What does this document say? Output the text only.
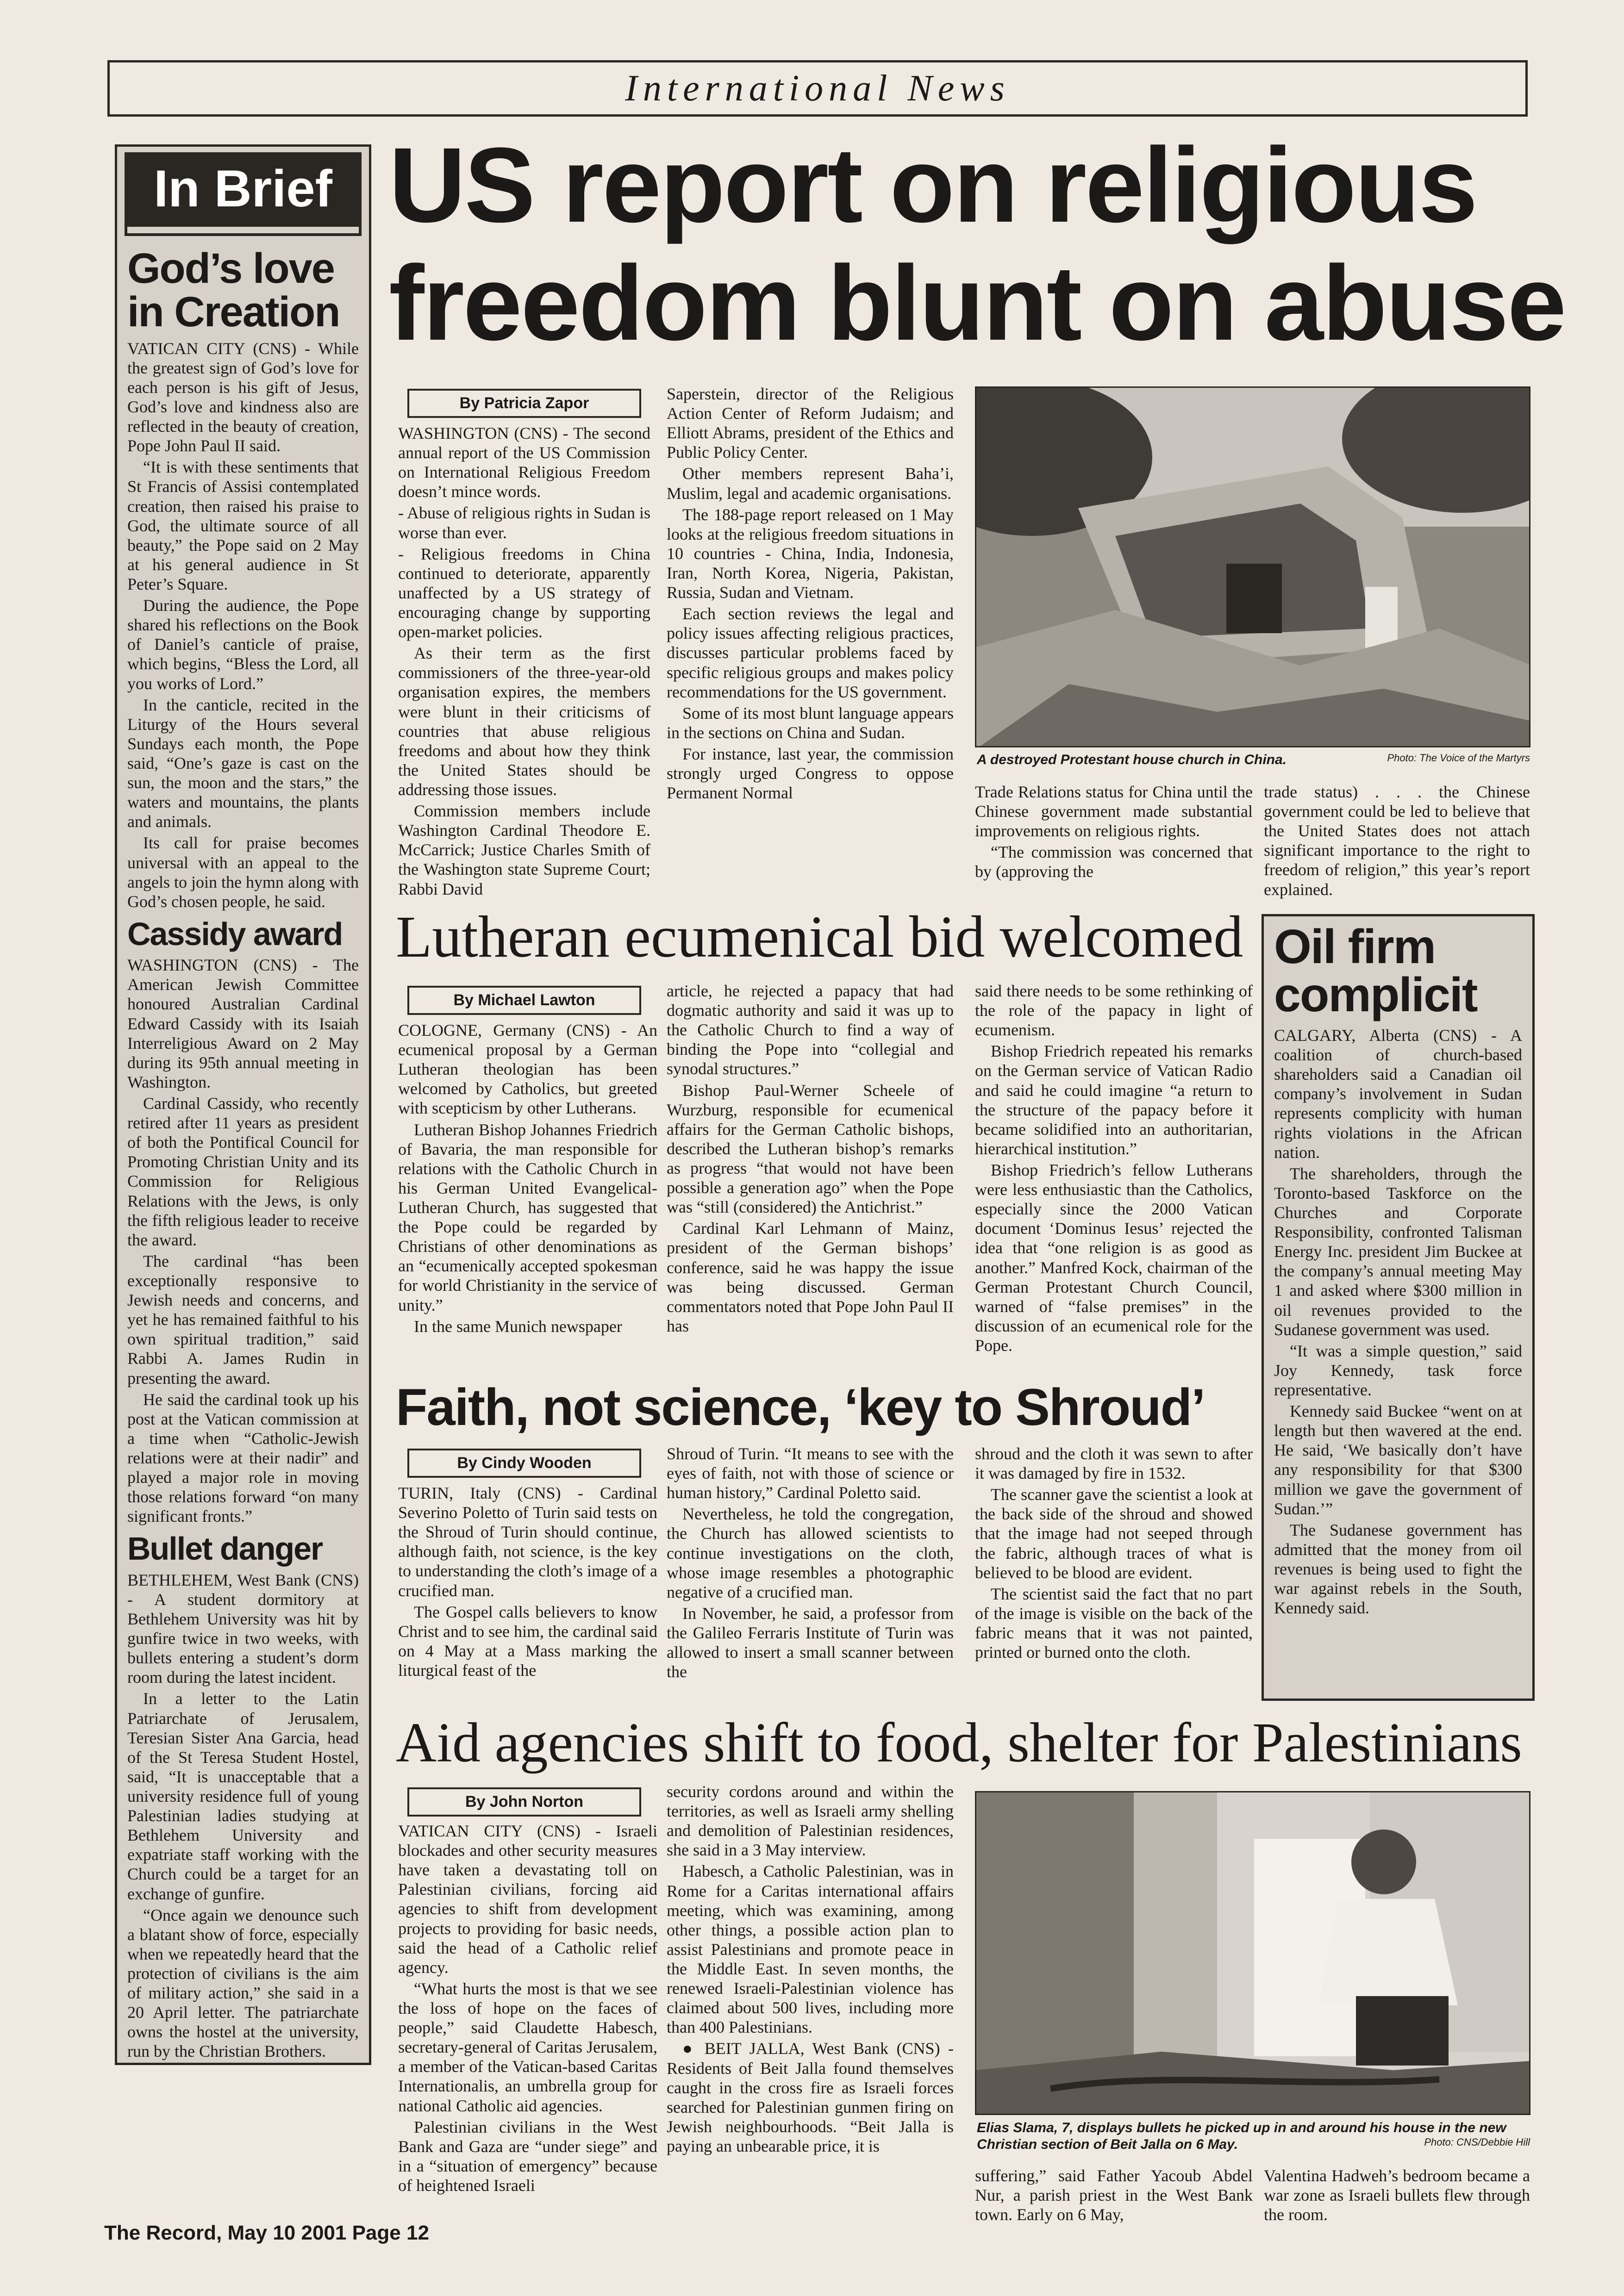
International News
In Brief
God’s love in Creation

VATICAN CITY (CNS) - While the greatest sign of God’s love for each person is his gift of Jesus, God’s love and kindness also are reflected in the beauty of creation, Pope John Paul II said.

“It is with these sentiments that St Francis of Assisi contemplated creation, then raised his praise to God, the ultimate source of all beauty,” the Pope said on 2 May at his general audience in St Peter’s Square.

During the audience, the Pope shared his reflections on the Book of Daniel’s canticle of praise, which begins, “Bless the Lord, all you works of Lord.”

In the canticle, recited in the Liturgy of the Hours several Sundays each month, the Pope said, “One’s gaze is cast on the sun, the moon and the stars,” the waters and mountains, the plants and animals.

Its call for praise becomes universal with an appeal to the angels to join the hymn along with God’s chosen people, he said.

Cassidy award

WASHINGTON (CNS) - The American Jewish Committee honoured Australian Cardinal Edward Cassidy with its Isaiah Interreligious Award on 2 May during its 95th annual meeting in Washington.

Cardinal Cassidy, who recently retired after 11 years as president of both the Pontifical Council for Promoting Christian Unity and its Commission for Religious Relations with the Jews, is only the fifth religious leader to receive the award.

The cardinal “has been exceptionally responsive to Jewish needs and concerns, and yet he has remained faithful to his own spiritual tradition,” said Rabbi A. James Rudin in presenting the award.

He said the cardinal took up his post at the Vatican commission at a time when “Catholic-Jewish relations were at their nadir” and played a major role in moving those relations forward “on many significant fronts.”

Bullet danger

BETHLEHEM, West Bank (CNS) - A student dormitory at Bethlehem University was hit by gunfire twice in two weeks, with bullets entering a student’s dorm room during the latest incident.

In a letter to the Latin Patriarchate of Jerusalem, Teresian Sister Ana Garcia, head of the St Teresa Student Hostel, said, “It is unacceptable that a university residence full of young Palestinian ladies studying at Bethlehem University and expatriate staff working with the Church could be a target for an exchange of gunfire.

“Once again we denounce such a blatant show of force, especially when we repeatedly heard that the protection of civilians is the aim of military action,” she said in a 20 April letter. The patriarchate owns the hostel at the university, run by the Christian Brothers.

US report on religious
freedom blunt on abuse
By Patricia Zapor

WASHINGTON (CNS) - The second annual report of the US Commission on International Religious Freedom doesn’t mince words.

- Abuse of religious rights in Sudan is worse than ever.

- Religious freedoms in China continued to deteriorate, apparently unaffected by a US strategy of encouraging change by supporting open-market policies.

As their term as the first commissioners of the three-year-old organisation expires, the members were blunt in their criticisms of countries that abuse religious freedoms and about how they think the United States should be addressing those issues.

Commission members include Washington Cardinal Theodore E. McCarrick; Justice Charles Smith of the Washington state Supreme Court; Rabbi David

Saperstein, director of the Religious Action Center of Reform Judaism; and Elliott Abrams, president of the Ethics and Public Policy Center.

Other members represent Baha’i, Muslim, legal and academic organisations.

The 188-page report released on 1 May looks at the religious freedom situations in 10 countries - China, India, Indonesia, Iran, North Korea, Nigeria, Pakistan, Russia, Sudan and Vietnam.

Each section reviews the legal and policy issues affecting religious practices, discusses particular problems faced by specific religious groups and makes policy recommendations for the US government.

Some of its most blunt language appears in the sections on China and Sudan.

For instance, last year, the commission strongly urged Congress to oppose Permanent Normal

A destroyed Protestant house church in China.	Photo: The Voice of the Martyrs

Trade Relations status for China until the Chinese government made substantial improvements on religious rights.

“The commission was concerned that by (approving the

trade status) . . . the Chinese government could be led to believe that the United States does not attach significant importance to the right to freedom of religion,” this year’s report explained.

Lutheran ecumenical bid welcomed
By Michael Lawton

COLOGNE, Germany (CNS) - An ecumenical proposal by a German Lutheran theologian has been welcomed by Catholics, but greeted with scepticism by other Lutherans.

Lutheran Bishop Johannes Friedrich of Bavaria, the man responsible for relations with the Catholic Church in his German United Evangelical-Lutheran Church, has suggested that the Pope could be regarded by Christians of other denominations as an “ecumenically accepted spokesman for world Christianity in the service of unity.”

In the same Munich newspaper

article, he rejected a papacy that had dogmatic authority and said it was up to the Catholic Church to find a way of binding the Pope into “collegial and synodal structures.”

Bishop Paul-Werner Scheele of Wurzburg, responsible for ecumenical affairs for the German Catholic bishops, described the Lutheran bishop’s remarks as progress “that would not have been possible a generation ago” when the Pope was “still (considered) the Antichrist.”

Cardinal Karl Lehmann of Mainz, president of the German bishops’ conference, said he was happy the issue was being discussed. German commentators noted that Pope John Paul II has

said there needs to be some rethinking of the role of the papacy in light of ecumenism.

Bishop Friedrich repeated his remarks on the German service of Vatican Radio and said he could imagine “a return to the structure of the papacy before it became solidified into an authoritarian, hierarchical institution.”

Bishop Friedrich’s fellow Lutherans were less enthusiastic than the Catholics, especially since the 2000 Vatican document ‘Dominus Iesus’ rejected the idea that “one religion is as good as another.” Manfred Kock, chairman of the German Protestant Church Council, warned of “false premises” in the discussion of an ecumenical role for the Pope.

Faith, not science, ‘key to Shroud’
By Cindy Wooden

TURIN, Italy (CNS) - Cardinal Severino Poletto of Turin said tests on the Shroud of Turin should continue, although faith, not science, is the key to understanding the cloth’s image of a crucified man.

The Gospel calls believers to know Christ and to see him, the cardinal said on 4 May at a Mass marking the liturgical feast of the

Shroud of Turin. “It means to see with the eyes of faith, not with those of science or human history,” Cardinal Poletto said.

Nevertheless, he told the congregation, the Church has allowed scientists to continue investigations on the cloth, whose image resembles a photographic negative of a crucified man.

In November, he said, a professor from the Galileo Ferraris Institute of Turin was allowed to insert a small scanner between the

shroud and the cloth it was sewn to after it was damaged by fire in 1532.

The scanner gave the scientist a look at the back side of the shroud and showed that the image had not seeped through the fabric, although traces of what is believed to be blood are evident.

The scientist said the fact that no part of the image is visible on the back of the fabric means that it was not painted, printed or burned onto the cloth.

Oil firm
complicit

CALGARY, Alberta (CNS) - A coalition of church-based shareholders said a Canadian oil company’s involvement in Sudan represents complicity with human rights violations in the African nation.

The shareholders, through the Toronto-based Taskforce on the Churches and Corporate Responsibility, confronted Talisman Energy Inc. president Jim Buckee at the company’s annual meeting May 1 and asked where $300 million in oil revenues provided to the Sudanese government was used.

“It was a simple question,” said Joy Kennedy, task force representative.

Kennedy said Buckee “went on at length but then wavered at the end. He said, ‘We basically don’t have any responsibility for that $300 million we gave the government of Sudan.’”

The Sudanese government has admitted that the money from oil revenues is being used to fight the war against rebels in the South, Kennedy said.

Aid agencies shift to food, shelter for Palestinians
By John Norton

VATICAN CITY (CNS) - Israeli blockades and other security measures have taken a devastating toll on Palestinian civilians, forcing aid agencies to shift from development projects to providing for basic needs, said the head of a Catholic relief agency.

“What hurts the most is that we see the loss of hope on the faces of people,” said Claudette Habesch, secretary-general of Caritas Jerusalem, a member of the Vatican-based Caritas Internationalis, an umbrella group for national Catholic aid agencies.

Palestinian civilians in the West Bank and Gaza are “under siege” and in a “situation of emergency” because of heightened Israeli

security cordons around and within the territories, as well as Israeli army shelling and demolition of Palestinian residences, she said in a 3 May interview.

Habesch, a Catholic Palestinian, was in Rome for a Caritas international affairs meeting, which was examining, among other things, a possible action plan to assist Palestinians and promote peace in the Middle East. In seven months, the renewed Israeli-Palestinian violence has claimed about 500 lives, including more than 400 Palestinians.

● BEIT JALLA, West Bank (CNS) - Residents of Beit Jalla found themselves caught in the cross fire as Israeli forces searched for Palestinian gunmen firing on Jewish neighbourhoods. “Beit Jalla is paying an unbearable price, it is

Elias Slama, 7, displays bullets he picked up in and around his house in the new Christian section of Beit Jalla on 6 May.	Photo: CNS/Debbie Hill

suffering,” said Father Yacoub Abdel Nur, a parish priest in the West Bank town. Early on 6 May,

Valentina Hadweh’s bedroom became a war zone as Israeli bullets flew through the room.

The Record, May 10 2001 Page 12
